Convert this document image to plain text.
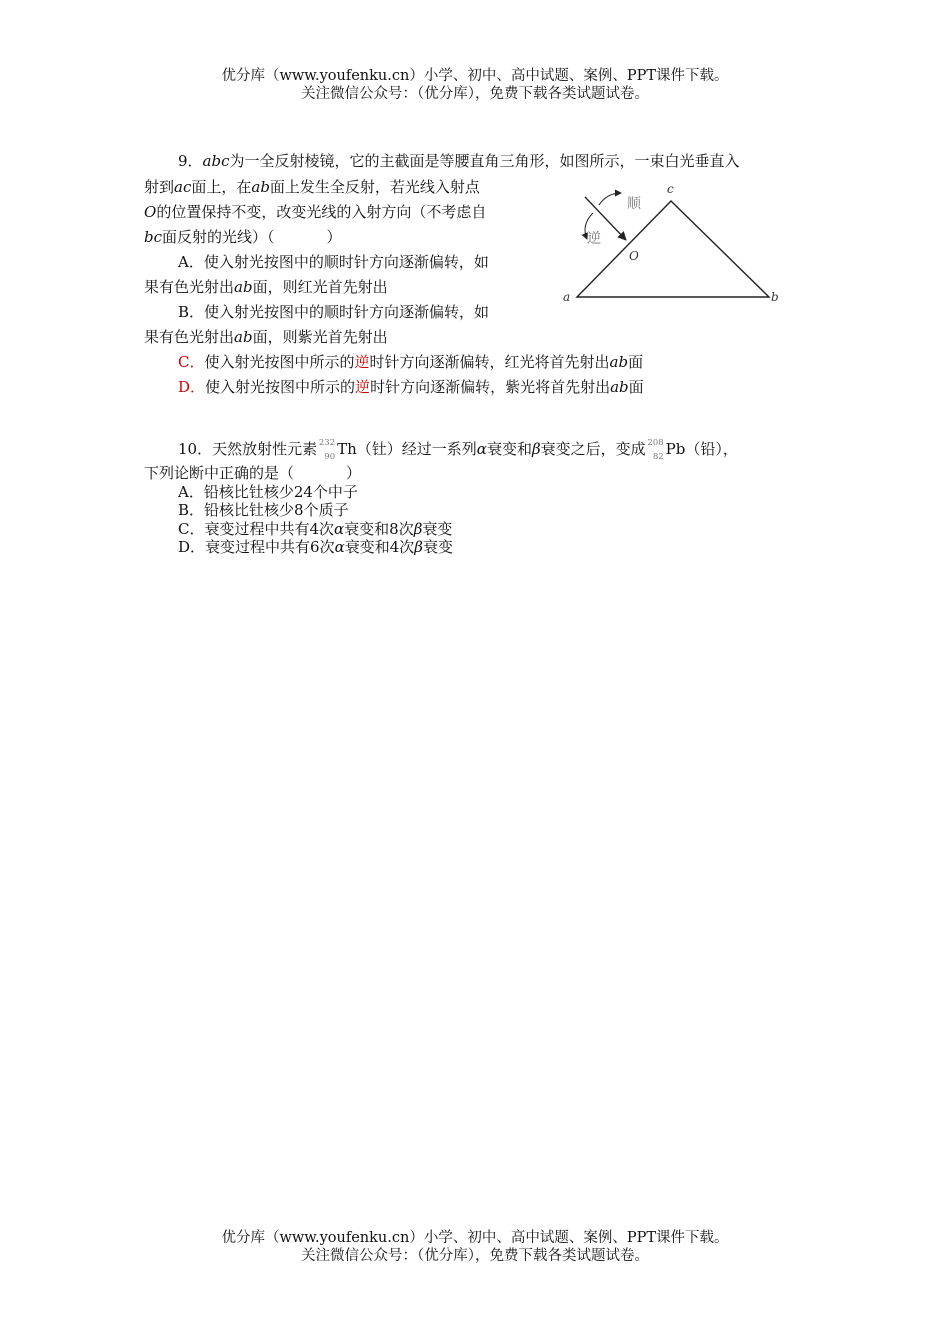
优分库（www.youfenku.cn）小学、初中、高中试题、案例、PPT课件下载。
关注微信公众号：（优分库），免费下载各类试题试卷。
9．abc为一全反射棱镜，它的主截面是等腰直角三角形，如图所示，一束白光垂直入
射到ac面上，在ab面上发生全反射，若光线入射点
O的位置保持不变，改变光线的入射方向（不考虑自
bc面反射的光线）（	）
A．使入射光按图中的顺时针方向逐渐偏转，如
果有色光射出ab面，则红光首先射出
B．使入射光按图中的顺时针方向逐渐偏转，如
果有色光射出ab面，则紫光首先射出
C．使入射光按图中所示的逆时针方向逐渐偏转，红光将首先射出ab面
D．使入射光按图中所示的逆时针方向逐渐偏转，紫光将首先射出ab面
a	b
c
O
顺
逆
10．天然放射性元素 232
90 Th（钍）经过一系列α衰变和β衰变之后，变成 208
82 Pb（铅），
下列论断中正确的是（	）
A．铅核比钍核少24个中子
B．铅核比钍核少8个质子
C．衰变过程中共有4次α衰变和8次β衰变
D．衰变过程中共有6次α衰变和4次β衰变
优分库（www.youfenku.cn）小学、初中、高中试题、案例、PPT课件下载。
关注微信公众号：（优分库），免费下载各类试题试卷。
